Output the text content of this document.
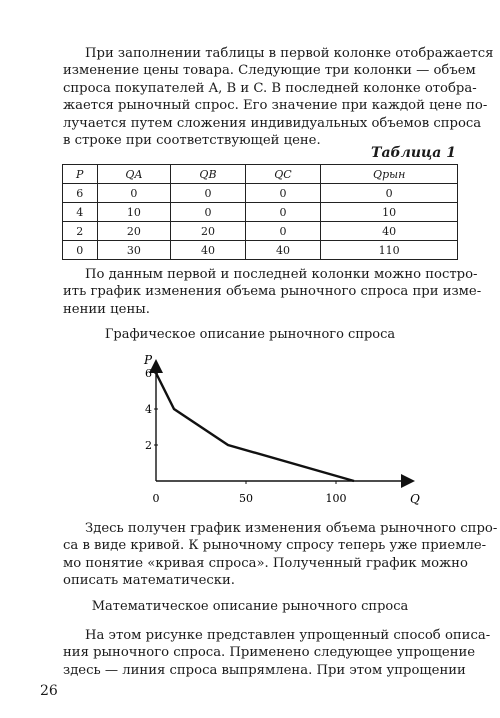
При заполнении таблицы в первой колонке отображается
изменение цены товара. Следующие три колонки — объем
спроса покупателей A, B и C. В последней колонке отобра-
жается рыночный спрос. Его значение при каждой цене по-
лучается путем сложения индивидуальных объемов спроса
в строке при соответствующей цене.
Таблица 1
P	QA	QB	QC	Qрын
6	0	0	0	0
4	10	0	0	10
2	20	20	0	40
0	30	40	40	110
По данным первой и последней колонки можно постро-
ить график изменения объема рыночного спроса при изме-
нении цены.
Графическое описание рыночного спроса
P
Q
0	50	100
2
4
6
Здесь получен график изменения объема рыночного спро-
са в виде кривой. К рыночному спросу теперь уже приемле-
мо понятие «кривая спроса». Полученный график можно
описать математически.
Математическое описание рыночного спроса
На этом рисунке представлен упрощенный способ описа-
ния рыночного спроса. Применено следующее упрощение
здесь — линия спроса выпрямлена. При этом упрощении
26
